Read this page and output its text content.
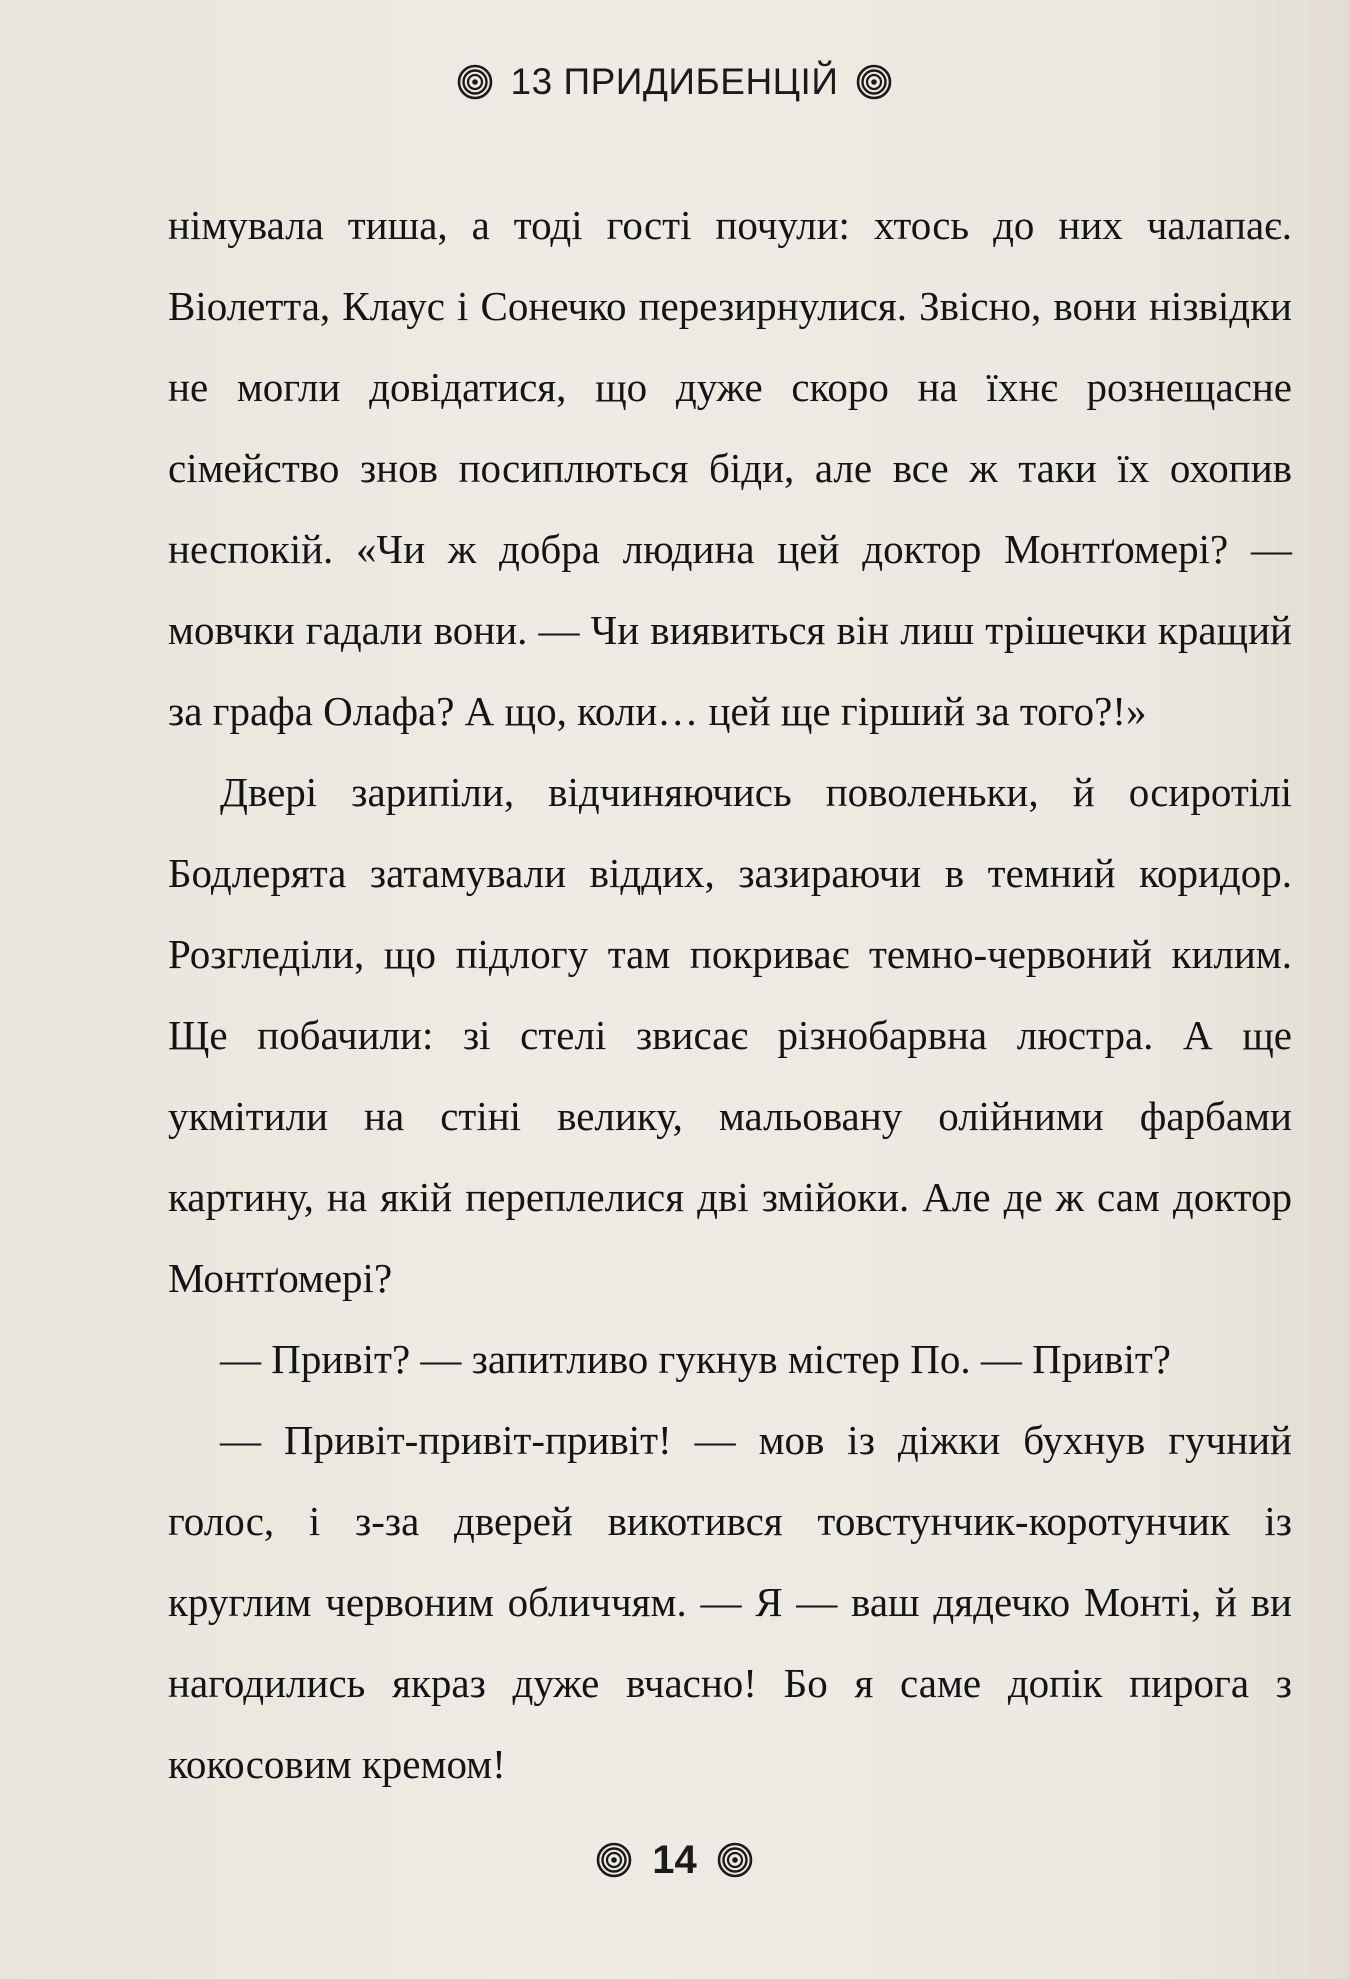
13 ПРИДИБЕНЦІЙ

німувала тиша, а тоді гості почули: хтось до них чалапає. Віолетта, Клаус і Сонечко перезирнулися. Звісно, вони нізвідки не могли довідатися, що дуже скоро на їхнє рознещасне сімейство знов посиплються біди, але все ж таки їх охопив неспокій. «Чи ж добра людина цей доктор Монтґомері? — мовчки гадали вони. — Чи виявиться він лиш трішечки кращий за графа Олафа? А що, коли… цей ще гірший за того?!»

Двері зарипіли, відчиняючись поволеньки, й осиротілі Бодлерята затамували віддих, зазираючи в темний коридор. Розгледіли, що підлогу там покриває темно-червоний килим. Ще побачили: зі стелі звисає різнобарвна люстра. А ще укмітили на стіні велику, мальовану олійними фарбами картину, на якій переплелися дві змійоки. Але де ж сам доктор Монтґомері?

— Привіт? — запитливо гукнув містер По. — Привіт?

— Привіт-привіт-привіт! — мов із діжки бухнув гучний голос, і з-за дверей викотився товстунчик-коротунчик із круглим червоним обличчям. — Я — ваш дядечко Монті, й ви нагодились якраз дуже вчасно! Бо я саме допік пирога з кокосовим кремом!

14
